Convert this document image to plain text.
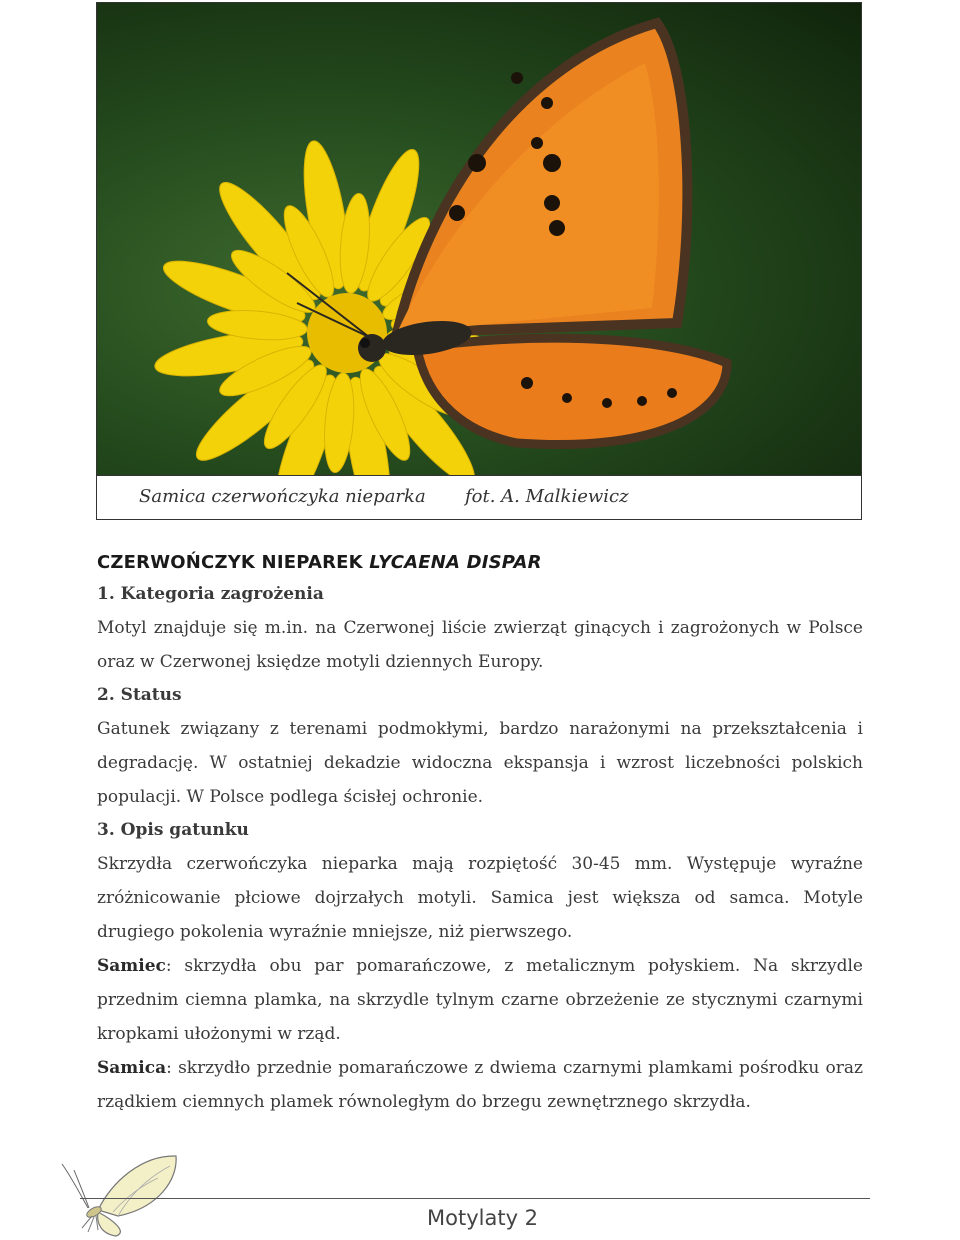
Samica czerwończyka nieparka fot. A. Malkiewicz
CZERWOŃCZYK NIEPAREK LYCAENA DISPAR
1. Kategoria zagrożenia

Motyl znajduje się m.in. na Czerwonej liście zwierząt ginących i zagrożonych w Polsce oraz w Czerwonej księdze motyli dziennych Europy.

2. Status

Gatunek związany z terenami podmokłymi, bardzo narażonymi na przekształcenia i degradację. W ostatniej dekadzie widoczna ekspansja i wzrost liczebności polskich populacji. W Polsce podlega ścisłej ochronie.

3. Opis gatunku

Skrzydła czerwończyka nieparka mają rozpiętość 30-45 mm. Występuje wyraźne zróżnicowanie płciowe dojrzałych motyli. Samica jest większa od samca. Motyle drugiego pokolenia wyraźnie mniejsze, niż pierwszego.

Samiec: skrzydła obu par pomarańczowe, z metalicznym połyskiem. Na skrzydle przednim ciemna plamka, na skrzydle tylnym czarne obrzeżenie ze stycznymi czarnymi kropkami ułożonymi w rząd.

Samica: skrzydło przednie pomarańczowe z dwiema czarnymi plamkami pośrodku oraz rządkiem ciemnych plamek równoległym do brzegu zewnętrznego skrzydła.

Motylaty 2
